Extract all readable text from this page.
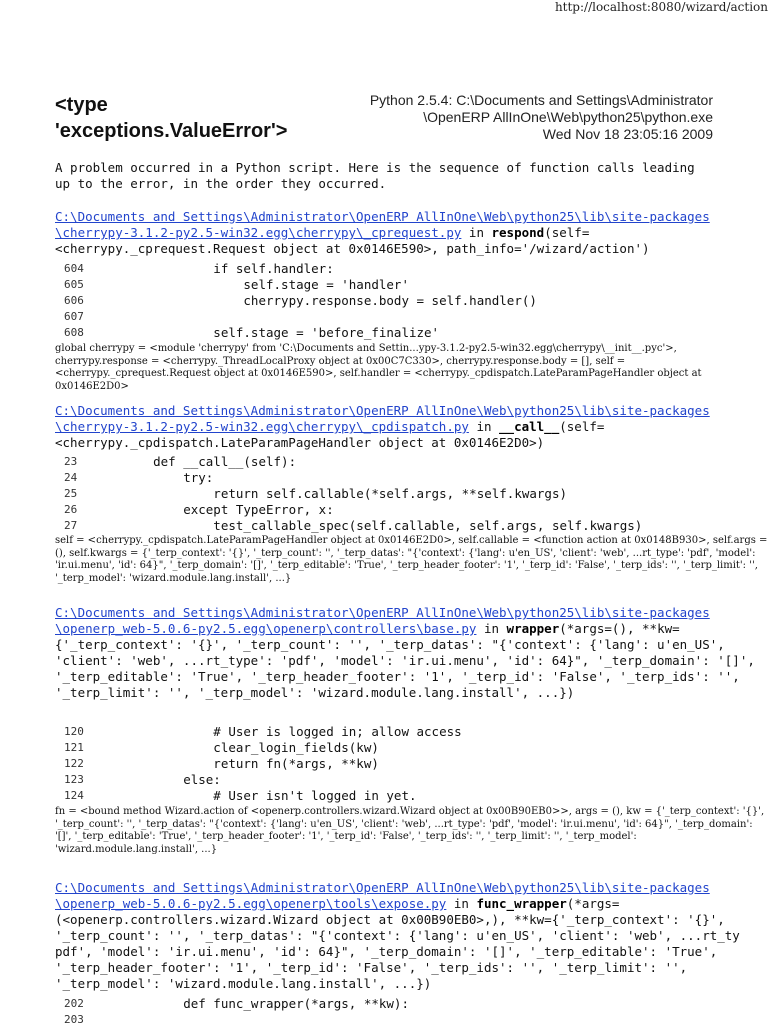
http://localhost:8080/wizard/action
<type 'exceptions.ValueError'>
Python 2.5.4: C:\Documents and Settings\Administrator
\OpenERP AllInOne\Web\python25\python.exe
Wed Nov 18 23:05:16 2009
A problem occurred in a Python script. Here is the sequence of function calls leading up to the error, in the order they occurred.
C:\Documents and Settings\Administrator\OpenERP AllInOne\Web\python25\lib\site-packages
\cherrypy-3.1.2-py2.5-win32.egg\cherrypy\_cprequest.py in respond(self=<cherrypy._cprequest.Request object at 0x0146E590>, path_info='/wizard/action')
604	if self.handler:
605	self.stage = 'handler'
606	cherrypy.response.body = self.handler()
607
608	self.stage = 'before_finalize'
global cherrypy = <module 'cherrypy' from 'C:\Documents and Settin...ypy-3.1.2-py2.5-win32.egg\cherrypy\__init__.pyc'>, cherrypy.response = <cherrypy._ThreadLocalProxy object at 0x00C7C330>, cherrypy.response.body = [], self = <cherrypy._cprequest.Request object at 0x0146E590>, self.handler = <cherrypy._cpdispatch.LateParamPageHandler object at 0x0146E2D0>
C:\Documents and Settings\Administrator\OpenERP AllInOne\Web\python25\lib\site-packages
\cherrypy-3.1.2-py2.5-win32.egg\cherrypy\_cpdispatch.py in __call__(self=<cherrypy._cpdispatch.LateParamPageHandler object at 0x0146E2D0>)
23	def __call__(self):
24	try:
25	return self.callable(*self.args, **self.kwargs)
26	except TypeError, x:
27	test_callable_spec(self.callable, self.args, self.kwargs)
self = <cherrypy._cpdispatch.LateParamPageHandler object at 0x0146E2D0>, self.callable = <function action at 0x0148B930>, self.args = (), self.kwargs = {'_terp_context': '{}', '_terp_count': '', '_terp_datas': "{'context': {'lang': u'en_US', 'client': 'web', ...rt_type': 'pdf', 'model': 'ir.ui.menu', 'id': 64}", '_terp_domain': '[]', '_terp_editable': 'True', '_terp_header_footer': '1', '_terp_id': 'False', '_terp_ids': '', '_terp_limit': '', '_terp_model': 'wizard.module.lang.install', ...}
C:\Documents and Settings\Administrator\OpenERP AllInOne\Web\python25\lib\site-packages
\openerp_web-5.0.6-py2.5.egg\openerp\controllers\base.py in wrapper(*args=(), **kw={'_terp_context': '{}', '_terp_count': '', '_terp_datas': "{'context': {'lang': u'en_US', 'client': 'web', ...rt_type': 'pdf', 'model': 'ir.ui.menu', 'id': 64}", '_terp_domain': '[]', '_terp_editable': 'True', '_terp_header_footer': '1', '_terp_id': 'False', '_terp_ids': '', '_terp_limit': '', '_terp_model': 'wizard.module.lang.install', ...})
120	# User is logged in; allow access
121	clear_login_fields(kw)
122	return fn(*args, **kw)
123	else:
124	# User isn't logged in yet.
fn = <bound method Wizard.action of <openerp.controllers.wizard.Wizard object at 0x00B90EB0>>, args = (), kw = {'_terp_context': '{}', '_terp_count': '', '_terp_datas': "{'context': {'lang': u'en_US', 'client': 'web', ...rt_type': 'pdf', 'model': 'ir.ui.menu', 'id': 64}", '_terp_domain': '[]', '_terp_editable': 'True', '_terp_header_footer': '1', '_terp_id': 'False', '_terp_ids': '', '_terp_limit': '', '_terp_model': 'wizard.module.lang.install', ...}
C:\Documents and Settings\Administrator\OpenERP AllInOne\Web\python25\lib\site-packages
\openerp_web-5.0.6-py2.5.egg\openerp\tools\expose.py in func_wrapper(*args=(<openerp.controllers.wizard.Wizard object at 0x00B90EB0>,), **kw={'_terp_context': '{}', '_terp_count': '', '_terp_datas': "{'context': {'lang': u'en_US', 'client': 'web', ...rt_ty pdf', 'model': 'ir.ui.menu', 'id': 64}", '_terp_domain': '[]', '_terp_editable': 'True', '_terp_header_footer': '1', '_terp_id': 'False', '_terp_ids': '', '_terp_limit': '', '_terp_model': 'wizard.module.lang.install', ...})
202	def func_wrapper(*args, **kw):
203
